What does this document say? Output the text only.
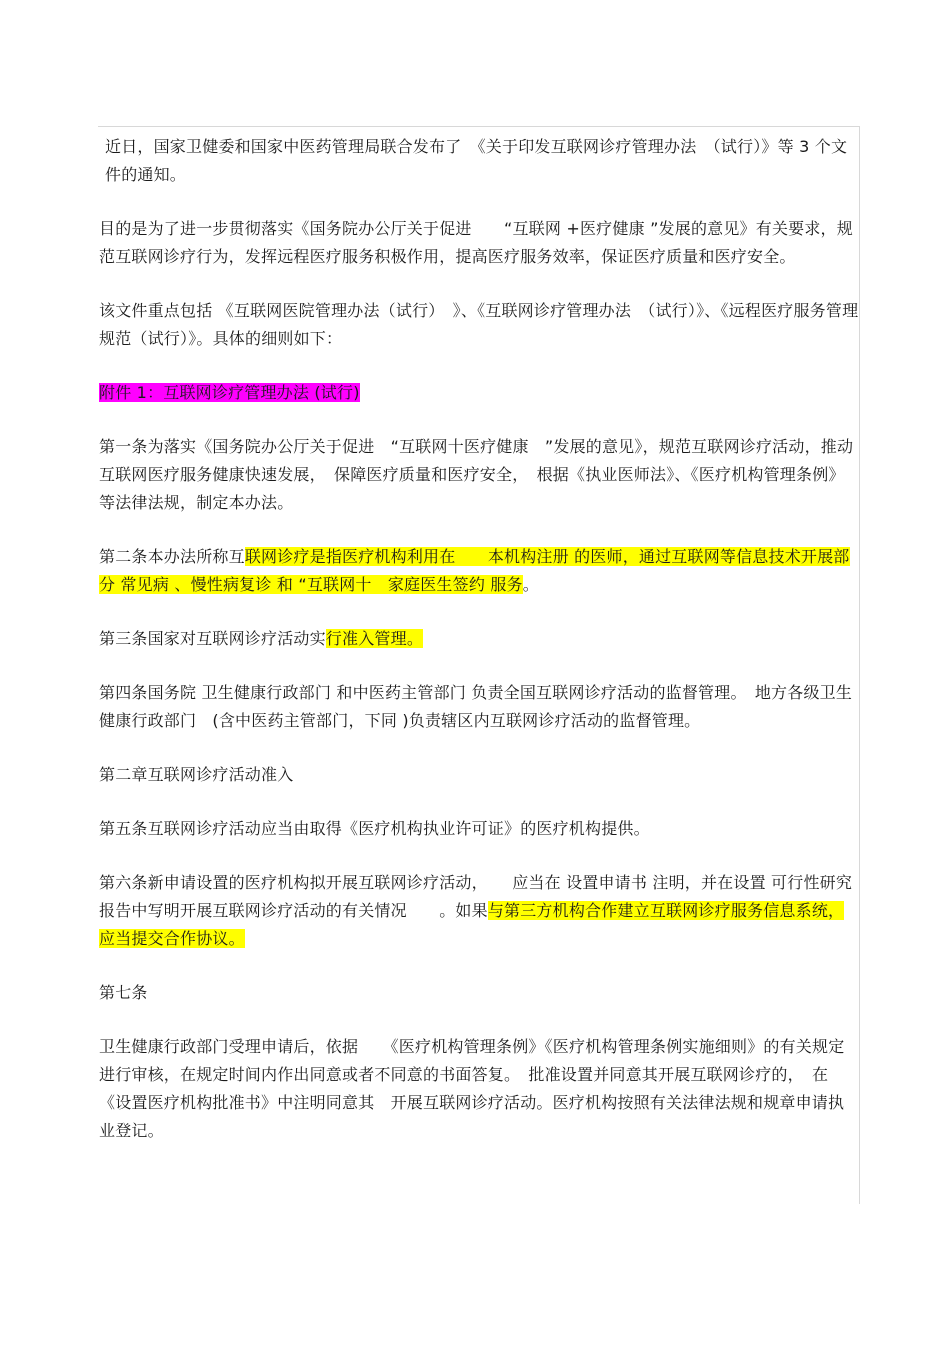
近日，国家卫健委和国家中医药管理局联合发布了　《关于印发互联网诊疗管理办法　（试行）》等 3 个文件的通知。

目的是为了进一步贯彻落实《国务院办公厅关于促进　　“互联网 +医疗健康 ”发展的意见》有关要求，规范互联网诊疗行为，发挥远程医疗服务积极作用，提高医疗服务效率，保证医疗质量和医疗安全。

该文件重点包括 《互联网医院管理办法（试行）　》、《互联网诊疗管理办法　（试行）》、《远程医疗服务管理规范（试行）》。具体的细则如下：

附件 1：互联网诊疗管理办法 (试行)

第一条为落实《国务院办公厅关于促进　“互联网十医疗健康　”发展的意见》，规范互联网诊疗活动，推动互联网医疗服务健康快速发展，　保障医疗质量和医疗安全，　根据《执业医师法》、《医疗机构管理条例》等法律法规，制定本办法。

第二条本办法所称互联网诊疗是指医疗机构利用在　　本机构注册 的医师，通过互联网等信息技术开展部分 常见病 、慢性病复诊 和 “互联网十　家庭医生签约 服务。

第三条国家对互联网诊疗活动实行准入管理。

第四条国务院 卫生健康行政部门 和中医药主管部门 负责全国互联网诊疗活动的监督管理。　地方各级卫生健康行政部门　(含中医药主管部门，下同 )负责辖区内互联网诊疗活动的监督管理。

第二章互联网诊疗活动准入

第五条互联网诊疗活动应当由取得《医疗机构执业许可证》的医疗机构提供。

第六条新申请设置的医疗机构拟开展互联网诊疗活动，　　应当在 设置申请书 注明，并在设置 可行性研究报告中写明开展互联网诊疗活动的有关情况　　。如果与第三方机构合作建立互联网诊疗服务信息系统，应当提交合作协议。

第七条

卫生健康行政部门受理申请后，依据　　《医疗机构管理条例》《医疗机构管理条例实施细则》的有关规定 进行审核，在规定时间内作出同意或者不同意的书面答复。　批准设置并同意其开展互联网诊疗的，　在《设置医疗机构批准书》中注明同意其　开展互联网诊疗活动。医疗机构按照有关法律法规和规章申请执业登记。
